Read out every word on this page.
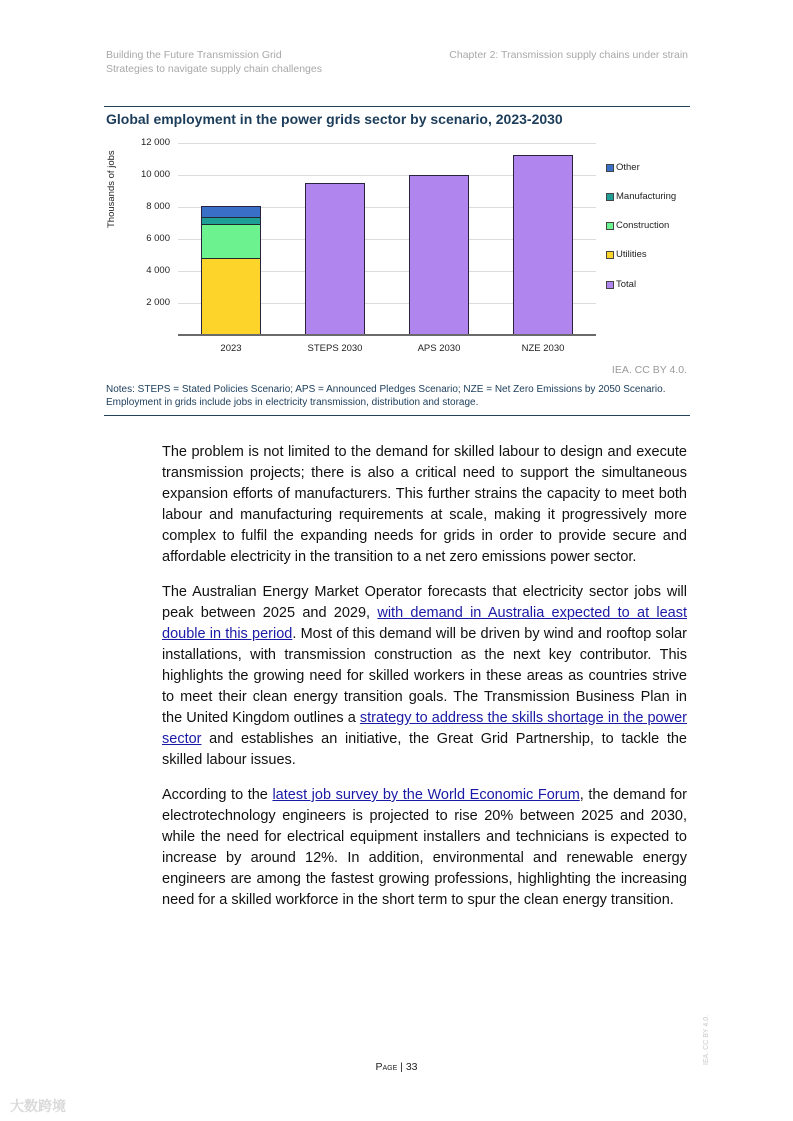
Building the Future Transmission Grid
Strategies to navigate supply chain challenges
Chapter 2: Transmission supply chains under strain
Global employment in the power grids sector by scenario, 2023-2030
Thousands of jobs
12 000
10 000
8 000
6 000
4 000
2 000
2023	STEPS 2030	APS 2030	NZE 2030
Other
Manufacturing
Construction
Utilities
Total
IEA. CC BY 4.0.
Notes: STEPS = Stated Policies Scenario; APS = Announced Pledges Scenario; NZE = Net Zero Emissions by 2050 Scenario. Employment in grids include jobs in electricity transmission, distribution and storage.

The problem is not limited to the demand for skilled labour to design and execute transmission projects; there is also a critical need to support the simultaneous expansion efforts of manufacturers. This further strains the capacity to meet both labour and manufacturing requirements at scale, making it progressively more complex to fulfil the expanding needs for grids in order to provide secure and affordable electricity in the transition to a net zero emissions power sector.

The Australian Energy Market Operator forecasts that electricity sector jobs will peak between 2025 and 2029, with demand in Australia expected to at least double in this period. Most of this demand will be driven by wind and rooftop solar installations, with transmission construction as the next key contributor. This highlights the growing need for skilled workers in these areas as countries strive to meet their clean energy transition goals. The Transmission Business Plan in the United Kingdom outlines a strategy to address the skills shortage in the power sector and establishes an initiative, the Great Grid Partnership, to tackle the skilled labour issues.

According to the latest job survey by the World Economic Forum, the demand for electrotechnology engineers is projected to rise 20% between 2025 and 2030, while the need for electrical equipment installers and technicians is expected to increase by around 12%. In addition, environmental and renewable energy engineers are among the fastest growing professions, highlighting the increasing need for a skilled workforce in the short term to spur the clean energy transition.

Page | 33
IEA. CC BY 4.0.
大数跨境
